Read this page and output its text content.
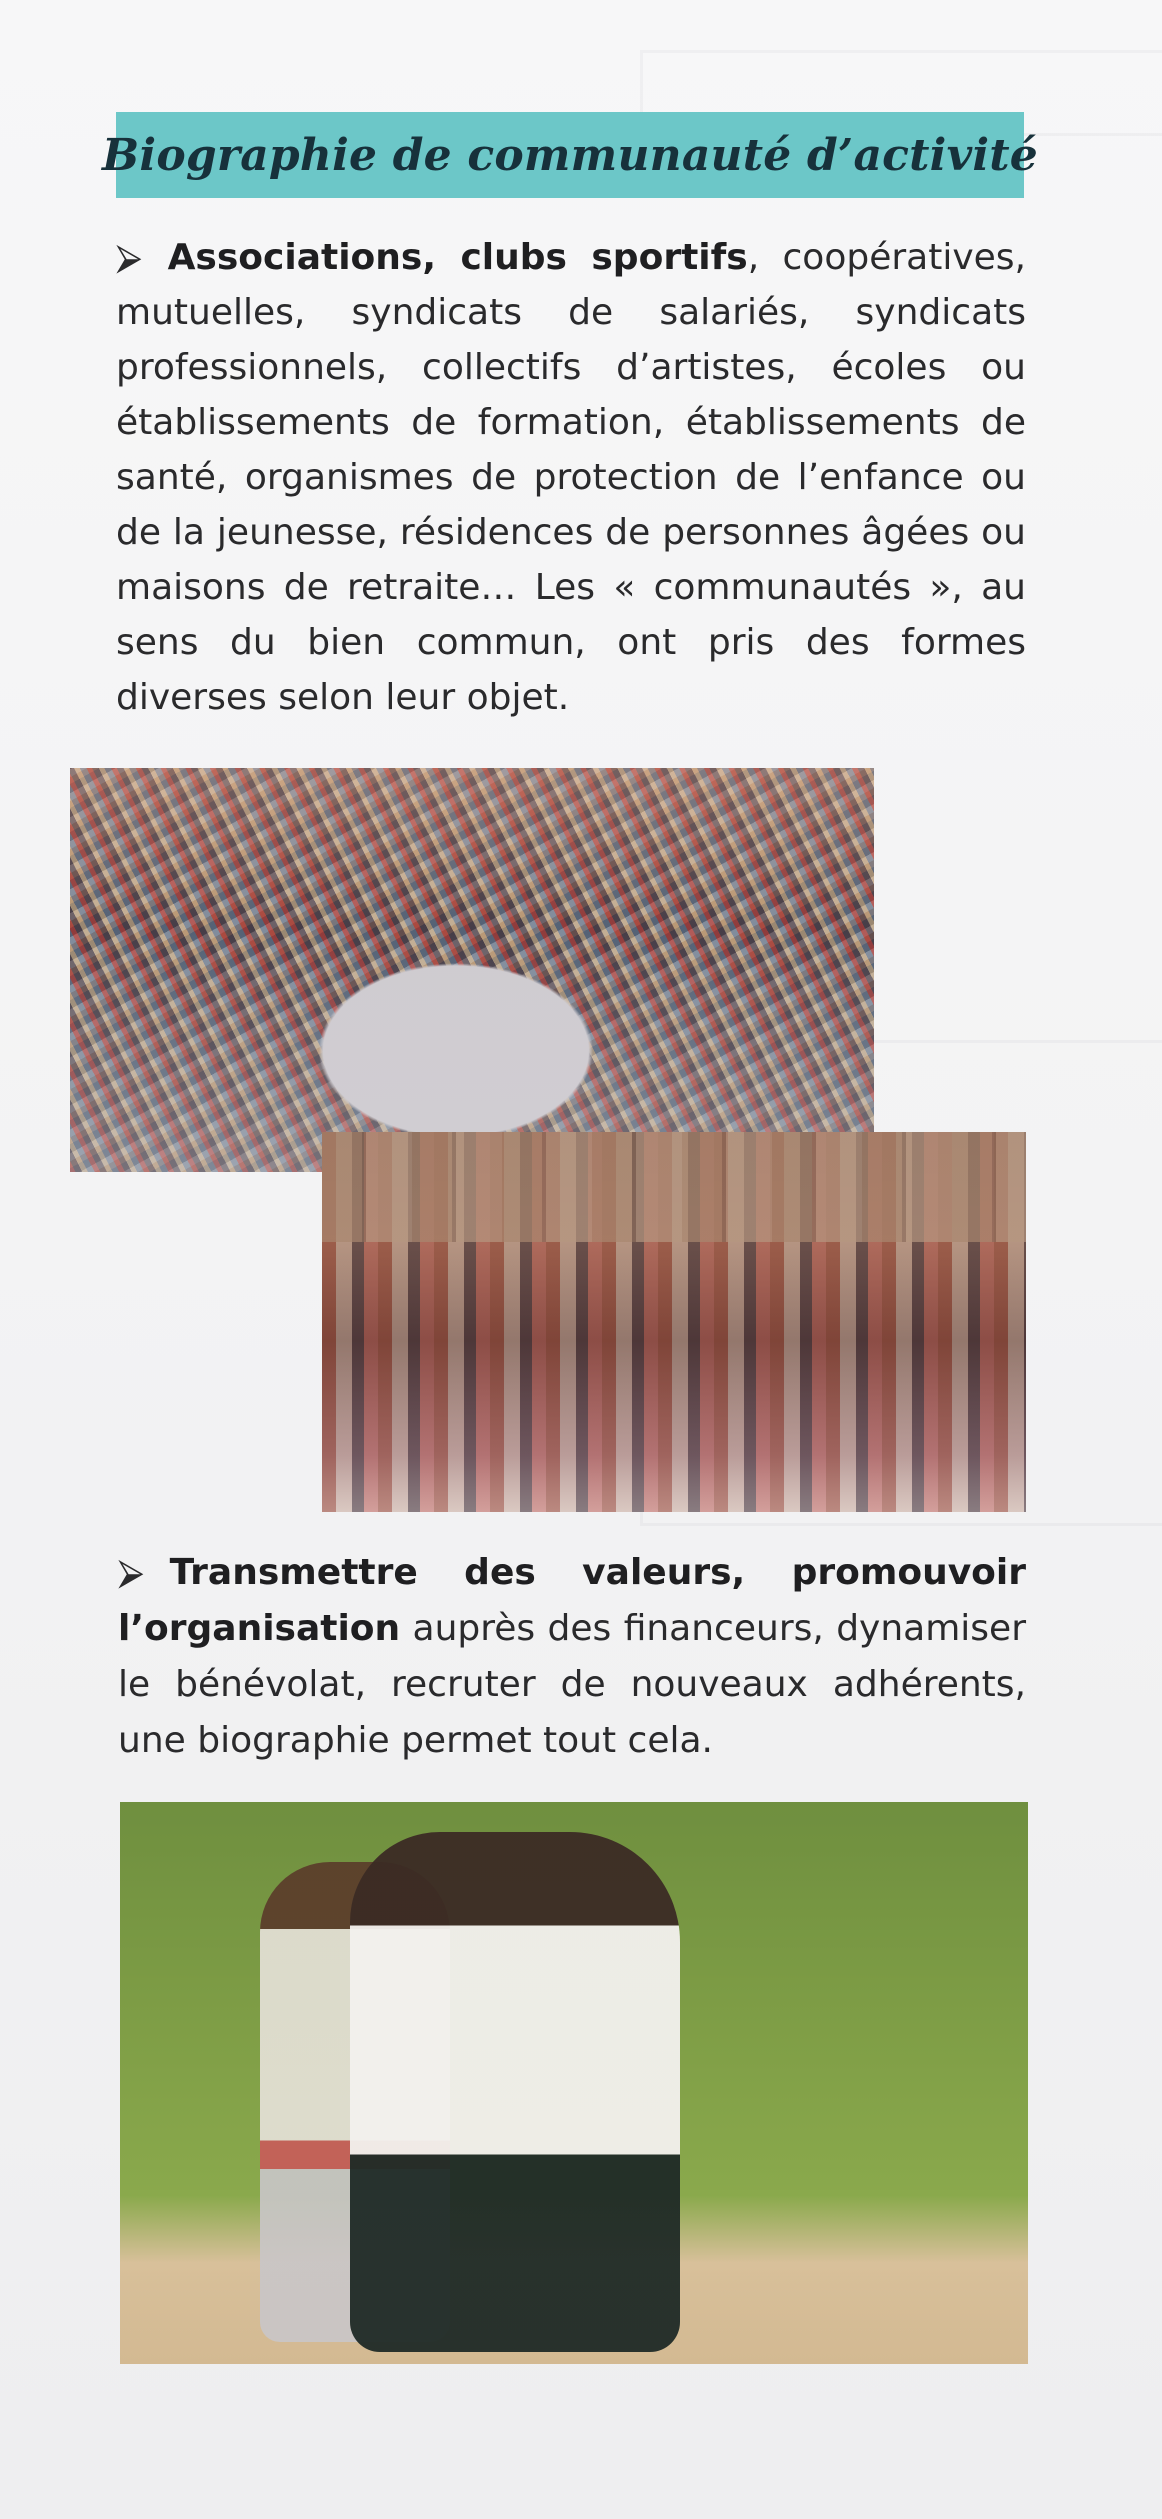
Biographie de communauté d’activité
⮚ Associations, clubs sportifs, coopératives, mutuelles, syndicats de salariés, syndicats professionnels, collectifs d’artistes, écoles ou établissements de formation, établissements de santé, organismes de protection de l’enfance ou de la jeunesse, résidences de personnes âgées ou maisons de retraite… Les « communautés », au sens du bien commun, ont pris des formes diverses selon leur objet.
⮚ Transmettre des valeurs, promouvoir l’organisation auprès des financeurs, dynamiser le bénévolat, recruter de nouveaux adhérents, une biographie permet tout cela.
